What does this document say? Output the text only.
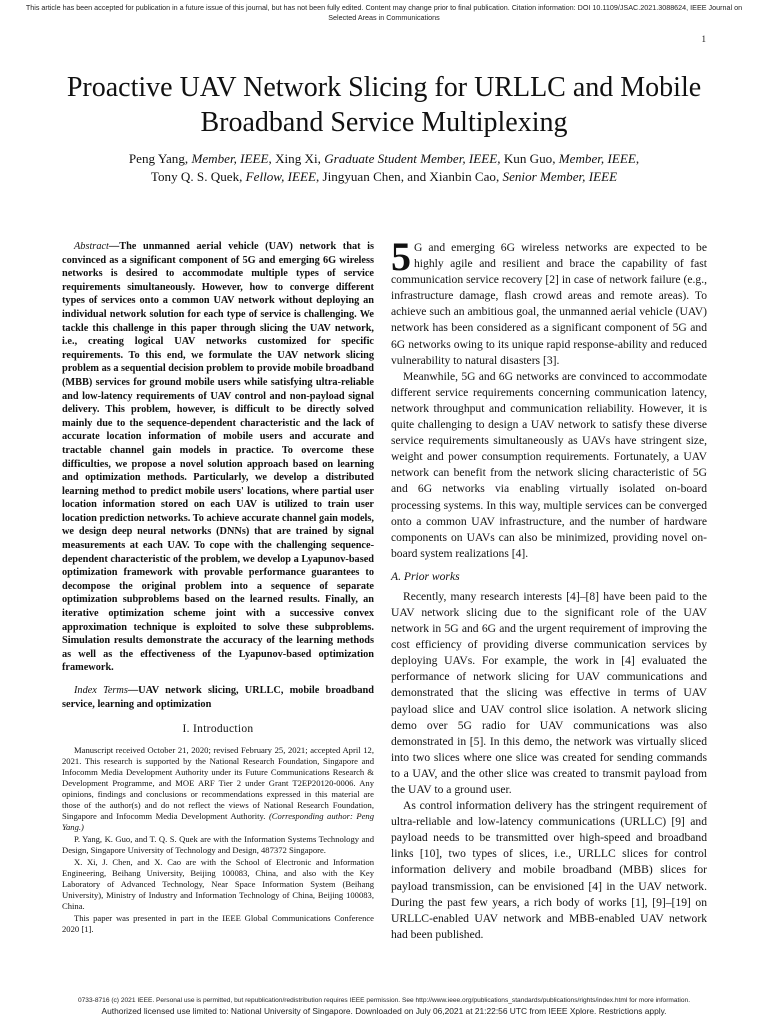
This article has been accepted for publication in a future issue of this journal, but has not been fully edited. Content may change prior to final publication. Citation information: DOI 10.1109/JSAC.2021.3088624, IEEE Journal on Selected Areas in Communications
1
Proactive UAV Network Slicing for URLLC and Mobile Broadband Service Multiplexing
Peng Yang, Member, IEEE, Xing Xi, Graduate Student Member, IEEE, Kun Guo, Member, IEEE,
Tony Q. S. Quek, Fellow, IEEE, Jingyuan Chen, and Xianbin Cao, Senior Member, IEEE

Abstract—The unmanned aerial vehicle (UAV) network that is convinced as a significant component of 5G and emerging 6G wireless networks is desired to accommodate multiple types of service requirements simultaneously. However, how to converge different types of services onto a common UAV network without deploying an individual network solution for each type of service is challenging. We tackle this challenge in this paper through slicing the UAV network, i.e., creating logical UAV networks customized for specific requirements. To this end, we formulate the UAV network slicing problem as a sequential decision problem to provide mobile broadband (MBB) services for ground mobile users while satisfying ultra-reliable and low-latency requirements of UAV control and non-payload signal delivery. This problem, however, is difficult to be directly solved mainly due to the sequence-dependent characteristic and the lack of accurate location information of mobile users and accurate and tractable channel gain models in practice. To overcome these difficulties, we propose a novel solution approach based on learning and optimization methods. Particularly, we develop a distributed learning method to predict mobile users' locations, where partial user location information stored on each UAV is utilized to train user location prediction networks. To achieve accurate channel gain models, we design deep neural networks (DNNs) that are trained by signal measurements at each UAV. To cope with the challenging sequence-dependent characteristic of the problem, we develop a Lyapunov-based optimization framework with provable performance guarantees to decompose the original problem into a sequence of separate optimization subproblems based on the learned results. Finally, an iterative optimization scheme joint with a successive convex approximation technique is exploited to solve these subproblems. Simulation results demonstrate the accuracy of the learning methods as well as the effectiveness of the Lyapunov-based optimization framework.

Index Terms—UAV network slicing, URLLC, mobile broadband service, learning and optimization

I. Introduction

Manuscript received October 21, 2020; revised February 25, 2021; accepted April 12, 2021. This research is supported by the National Research Foundation, Singapore and Infocomm Media Development Authority under its Future Communications Research & Development Programme, and MOE ARF Tier 2 under Grant T2EP20120-0006. Any opinions, findings and conclusions or recommendations expressed in this material are those of the author(s) and do not reflect the views of National Research Foundation, Singapore and Infocomm Media Development Authority. (Corresponding author: Peng Yang.)

P. Yang, K. Guo, and T. Q. S. Quek are with the Information Systems Technology and Design, Singapore University of Technology and Design, 487372 Singapore.

X. Xi, J. Chen, and X. Cao are with the School of Electronic and Information Engineering, Beihang University, Beijing 100083, China, and also with the Key Laboratory of Advanced Technology, Near Space Information System (Beihang University), Ministry of Industry and Information Technology of China, Beijing 100083, China.

This paper was presented in part in the IEEE Global Communications Conference 2020 [1].

5 G and emerging 6G wireless networks are expected to be highly agile and resilient and brace the capability of fast communication service recovery [2] in case of network failure (e.g., infrastructure damage, flash crowd areas and remote areas). To achieve such an ambitious goal, the unmanned aerial vehicle (UAV) network has been considered as a significant component of 5G and 6G networks owing to its unique rapid response-ability and reduced vulnerability to natural disasters [3].

Meanwhile, 5G and 6G networks are convinced to accommodate different service requirements concerning communication latency, network throughput and communication reliability. However, it is quite challenging to design a UAV network to satisfy these diverse service requirements simultaneously as UAVs have stringent size, weight and power consumption requirements. Fortunately, a UAV network can benefit from the network slicing characteristic of 5G and 6G networks via enabling virtually isolated on-board processing systems. In this way, multiple services can be converged onto a common UAV infrastructure, and the number of hardware components on UAVs can also be minimized, providing novel on-board system realizations [4].

A. Prior works

Recently, many research interests [4]–[8] have been paid to the UAV network slicing due to the significant role of the UAV network in 5G and 6G and the urgent requirement of improving the cost efficiency of providing diverse communication services by deploying UAVs. For example, the work in [4] evaluated the performance of network slicing for UAV communications and demonstrated that the slicing was effective in terms of UAV payload slice and UAV control slice isolation. A network slicing demo over 5G radio for UAV communications was also demonstrated in [5]. In this demo, the network was virtually sliced into two slices where one slice was created for sending commands to a UAV, and the other slice was created to transmit payload from the UAV to a ground user.

As control information delivery has the stringent requirement of ultra-reliable and low-latency communications (URLLC) [9] and payload needs to be transmitted over high-speed and broadband links [10], two types of slices, i.e., URLLC slices for control information delivery and mobile broadband (MBB) slices for payload transmission, can be envisioned [4] in the UAV network. During the past few years, a rich body of works [1], [9]–[19] on URLLC-enabled UAV network and MBB-enabled UAV network had been published.

0733-8716 (c) 2021 IEEE. Personal use is permitted, but republication/redistribution requires IEEE permission. See http://www.ieee.org/publications_standards/publications/rights/index.html for more information.
Authorized licensed use limited to: National University of Singapore. Downloaded on July 06,2021 at 21:22:56 UTC from IEEE Xplore. Restrictions apply.
